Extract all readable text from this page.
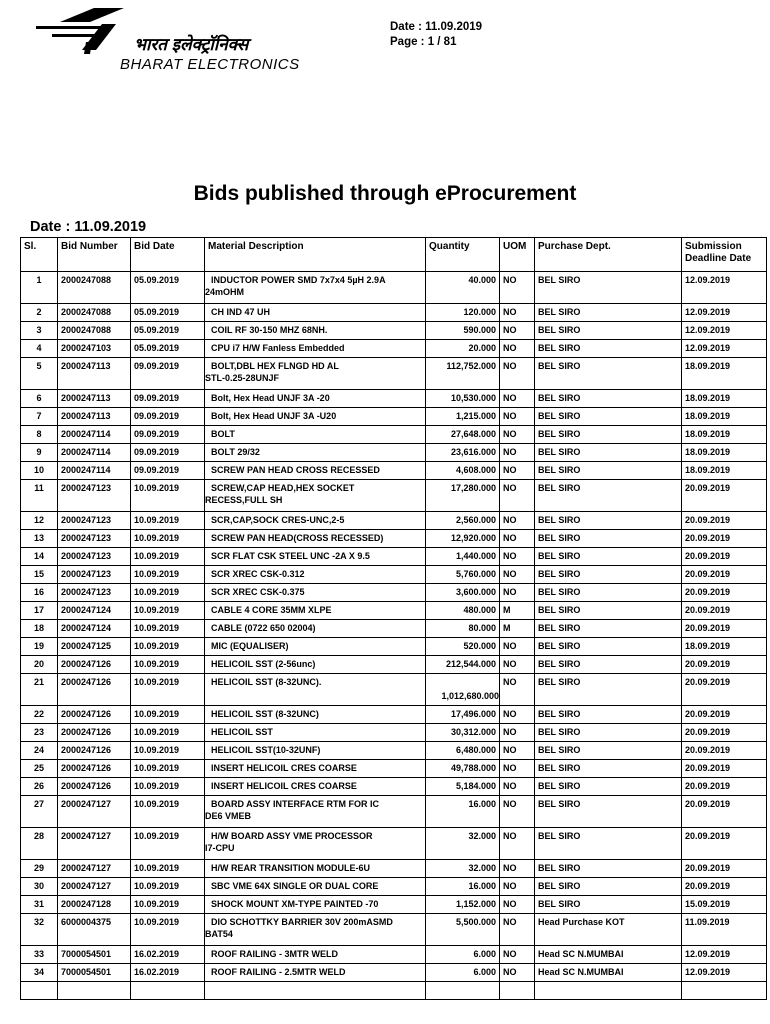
भारत इलेक्ट्रॉनिक्स
BHARAT ELECTRONICS
Date : 11.09.2019
Page : 1 / 81
Bids published through eProcurement
Date : 11.09.2019
Sl.	Bid Number	Bid Date	Material Description	Quantity	UOM	Purchase Dept.	Submission Deadline Date
1	2000247088	05.09.2019	INDUCTOR POWER SMD 7x7x4 5µH 2.9A
24mOHM	40.000	NO	BEL SIRO	12.09.2019
2	2000247088	05.09.2019	CH IND 47 UH	120.000	NO	BEL SIRO	12.09.2019
3	2000247088	05.09.2019	COIL RF 30-150 MHZ 68NH.	590.000	NO	BEL SIRO	12.09.2019
4	2000247103	05.09.2019	CPU i7 H/W Fanless Embedded	20.000	NO	BEL SIRO	12.09.2019
5	2000247113	09.09.2019	BOLT,DBL HEX FLNGD HD AL
STL-0.25-28UNJF	112,752.000	NO	BEL SIRO	18.09.2019
6	2000247113	09.09.2019	Bolt, Hex Head UNJF 3A -20	10,530.000	NO	BEL SIRO	18.09.2019
7	2000247113	09.09.2019	Bolt, Hex Head UNJF 3A -U20	1,215.000	NO	BEL SIRO	18.09.2019
8	2000247114	09.09.2019	BOLT	27,648.000	NO	BEL SIRO	18.09.2019
9	2000247114	09.09.2019	BOLT 29/32	23,616.000	NO	BEL SIRO	18.09.2019
10	2000247114	09.09.2019	SCREW PAN HEAD CROSS RECESSED	4,608.000	NO	BEL SIRO	18.09.2019
11	2000247123	10.09.2019	SCREW,CAP HEAD,HEX SOCKET
RECESS,FULL SH	17,280.000	NO	BEL SIRO	20.09.2019
12	2000247123	10.09.2019	SCR,CAP,SOCK CRES-UNC,2-5	2,560.000	NO	BEL SIRO	20.09.2019
13	2000247123	10.09.2019	SCREW PAN HEAD(CROSS RECESSED)	12,920.000	NO	BEL SIRO	20.09.2019
14	2000247123	10.09.2019	SCR FLAT CSK STEEL UNC -2A X 9.5	1,440.000	NO	BEL SIRO	20.09.2019
15	2000247123	10.09.2019	SCR XREC CSK-0.312	5,760.000	NO	BEL SIRO	20.09.2019
16	2000247123	10.09.2019	SCR XREC CSK-0.375	3,600.000	NO	BEL SIRO	20.09.2019
17	2000247124	10.09.2019	CABLE 4 CORE 35MM XLPE	480.000	M	BEL SIRO	20.09.2019
18	2000247124	10.09.2019	CABLE (0722 650 02004)	80.000	M	BEL SIRO	20.09.2019
19	2000247125	10.09.2019	MIC (EQUALISER)	520.000	NO	BEL SIRO	18.09.2019
20	2000247126	10.09.2019	HELICOIL SST (2-56unc)	212,544.000	NO	BEL SIRO	20.09.2019
21	2000247126	10.09.2019	HELICOIL SST (8-32UNC).	1,012,680.000	NO	BEL SIRO	20.09.2019
22	2000247126	10.09.2019	HELICOIL SST (8-32UNC)	17,496.000	NO	BEL SIRO	20.09.2019
23	2000247126	10.09.2019	HELICOIL SST	30,312.000	NO	BEL SIRO	20.09.2019
24	2000247126	10.09.2019	HELICOIL SST(10-32UNF)	6,480.000	NO	BEL SIRO	20.09.2019
25	2000247126	10.09.2019	INSERT HELICOIL CRES COARSE	49,788.000	NO	BEL SIRO	20.09.2019
26	2000247126	10.09.2019	INSERT HELICOIL CRES COARSE	5,184.000	NO	BEL SIRO	20.09.2019
27	2000247127	10.09.2019	BOARD ASSY INTERFACE RTM FOR IC
DE6 VMEB	16.000	NO	BEL SIRO	20.09.2019
28	2000247127	10.09.2019	H/W BOARD ASSY VME PROCESSOR
I7-CPU	32.000	NO	BEL SIRO	20.09.2019
29	2000247127	10.09.2019	H/W REAR TRANSITION MODULE-6U	32.000	NO	BEL SIRO	20.09.2019
30	2000247127	10.09.2019	SBC VME 64X SINGLE OR DUAL CORE	16.000	NO	BEL SIRO	20.09.2019
31	2000247128	10.09.2019	SHOCK MOUNT XM-TYPE PAINTED -70	1,152.000	NO	BEL SIRO	15.09.2019
32	6000004375	10.09.2019	DIO SCHOTTKY BARRIER 30V 200mASMD
BAT54	5,500.000	NO	Head Purchase KOT	11.09.2019
33	7000054501	16.02.2019	ROOF RAILING - 3MTR WELD	6.000	NO	Head SC N.MUMBAI	12.09.2019
34	7000054501	16.02.2019	ROOF RAILING - 2.5MTR WELD	6.000	NO	Head SC N.MUMBAI	12.09.2019
